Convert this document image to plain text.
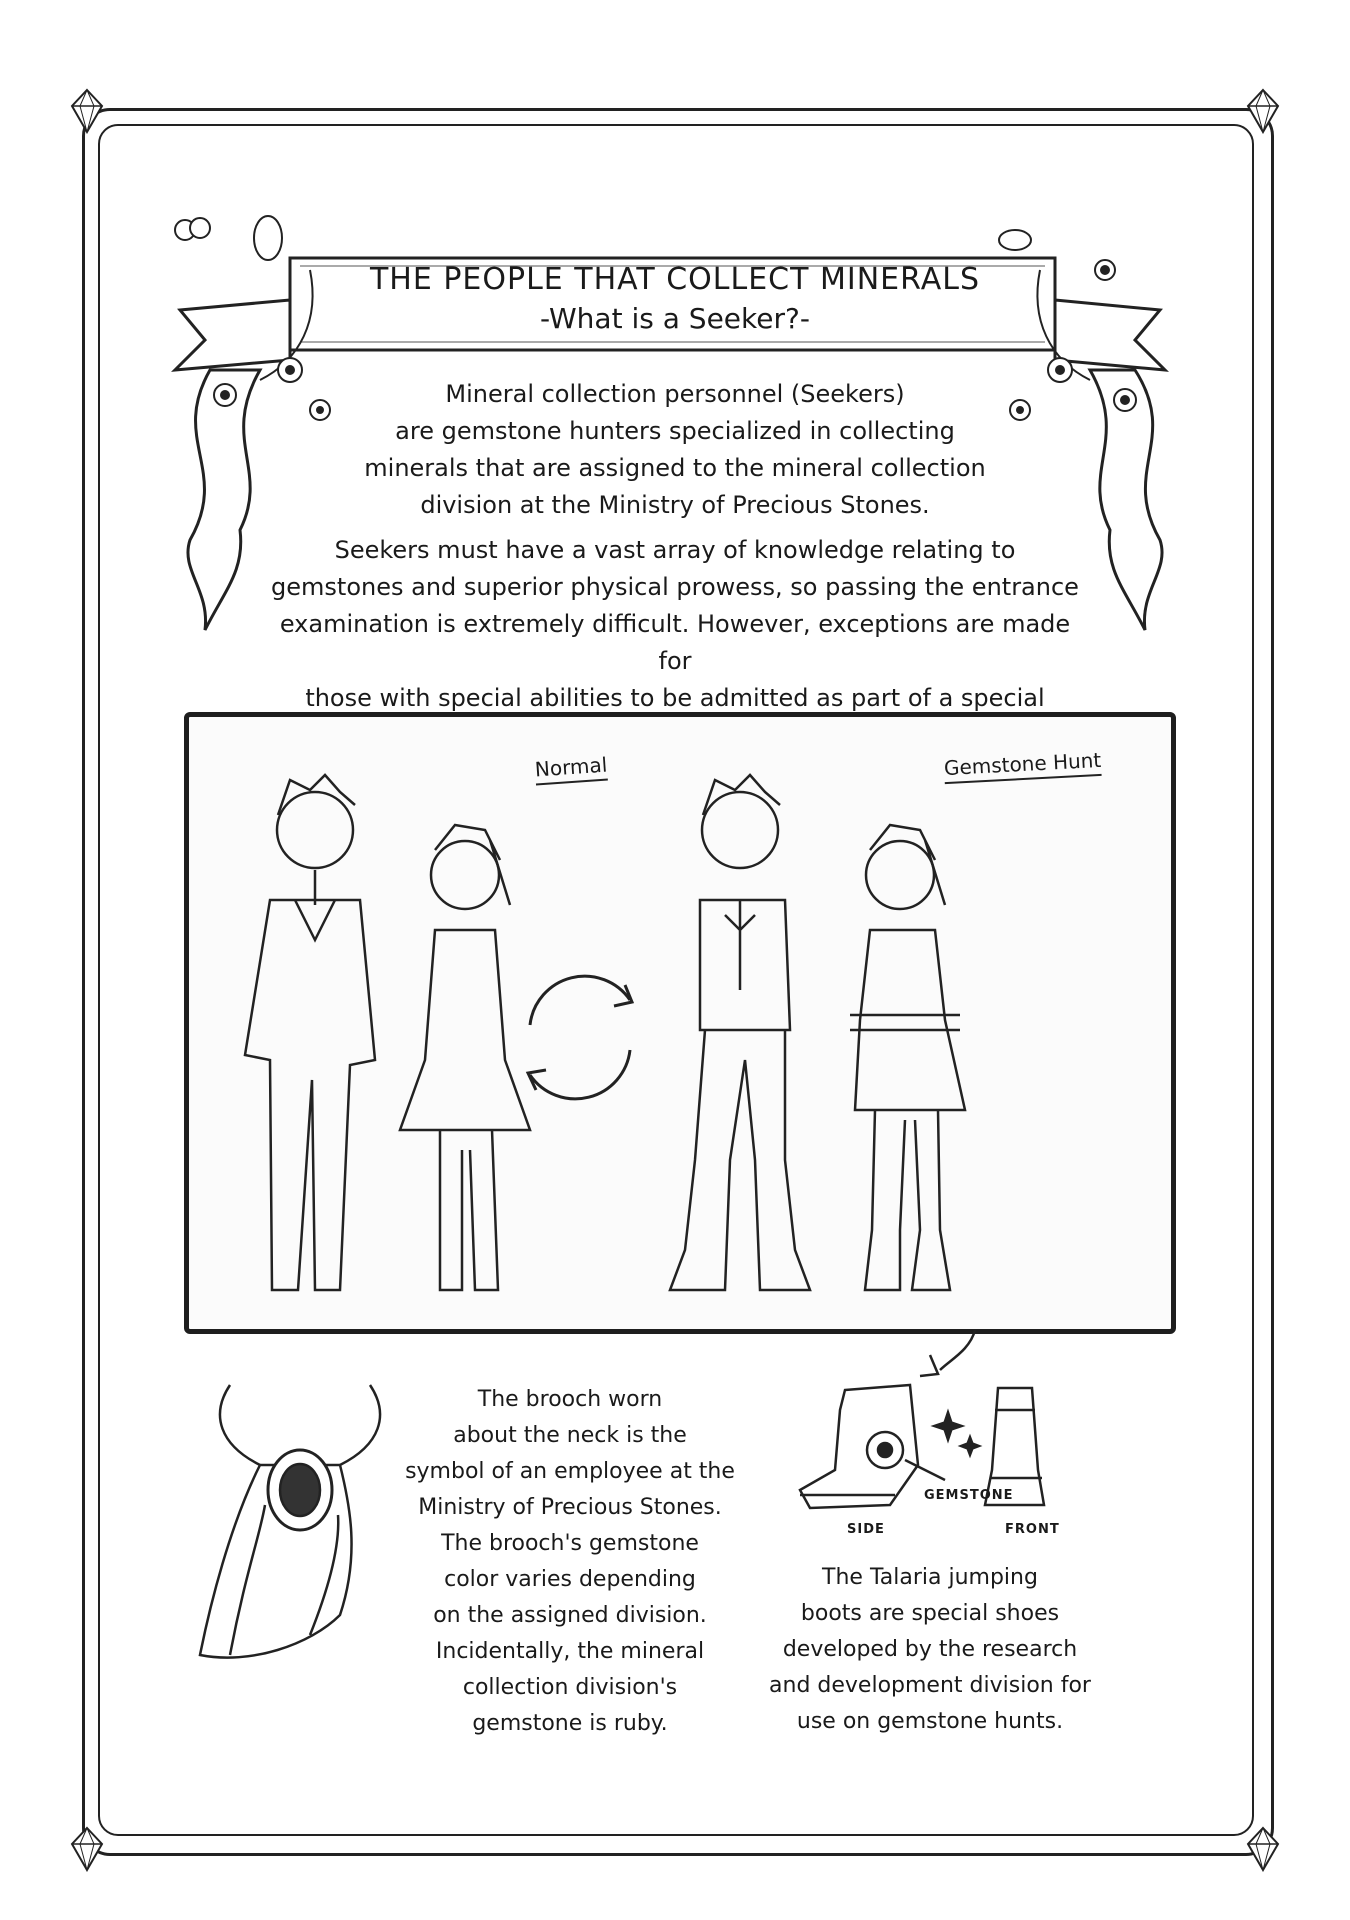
THE PEOPLE THAT COLLECT MINERALS
-What is a Seeker?-
Mineral collection personnel (Seekers)
are gemstone hunters specialized in collecting
minerals that are assigned to the mineral collection
division at the Ministry of Precious Stones.
Seekers must have a vast array of knowledge relating to
gemstones and superior physical prowess, so passing the entrance
examination is extremely difficult. However, exceptions are made for
those with special abilities to be admitted as part of a special
Normal	Gemstone Hunt
The brooch worn
about the neck is the
symbol of an employee at the
Ministry of Precious Stones.
The brooch's gemstone
color varies depending
on the assigned division.
Incidentally, the mineral
collection division's
gemstone is ruby.
SIDE	FRONT
GEMSTONE
The Talaria jumping
boots are special shoes
developed by the research
and development division for
use on gemstone hunts.
